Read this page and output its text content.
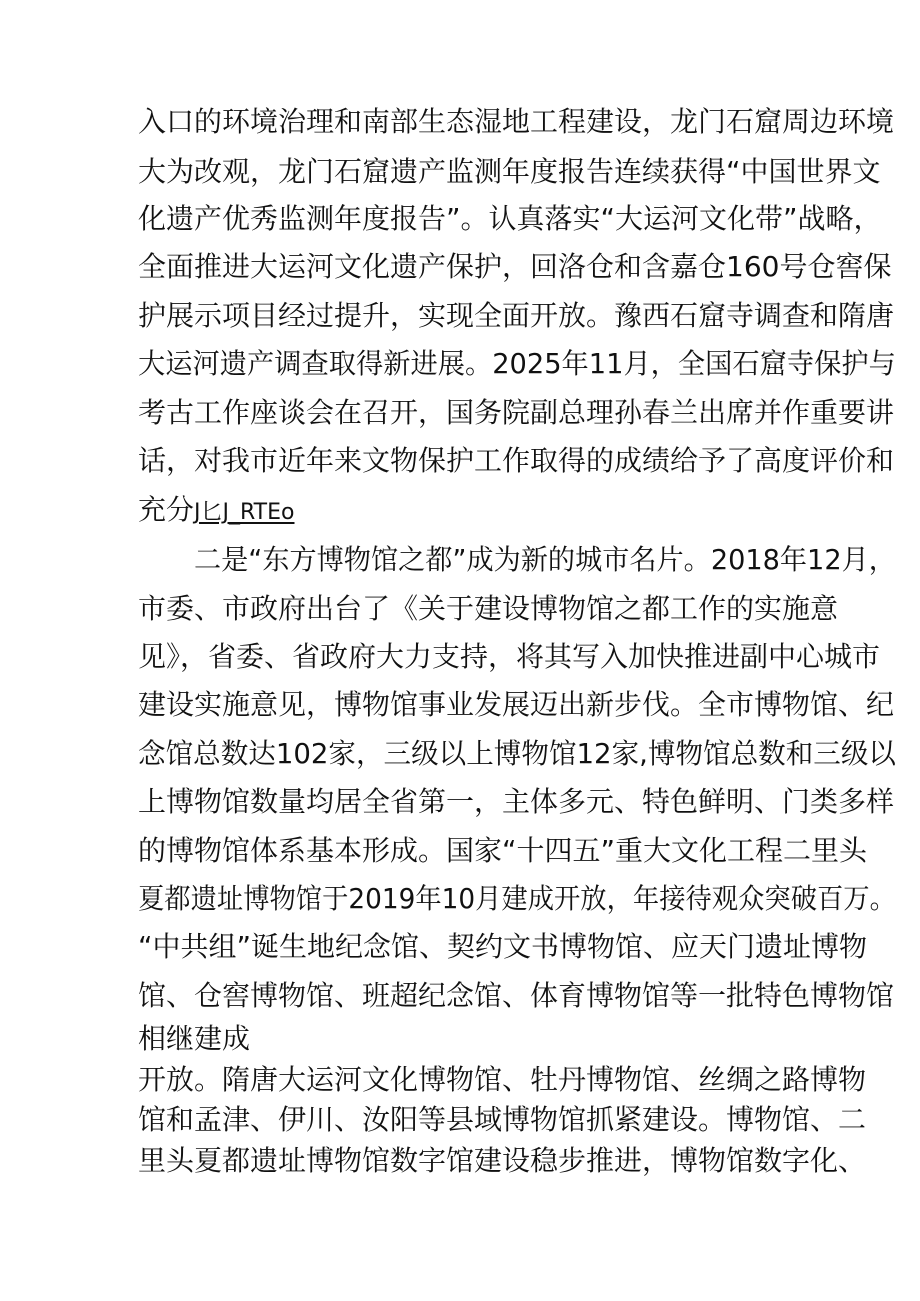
入口的环境治理和南部生态湿地工程建设，龙门石窟周边环境
大为改观，龙门石窟遗产监测年度报告连续获得“中国世界文
化遗产优秀监测年度报告”。认真落实“大运河文化带”战略，
全面推进大运河文化遗产保护，回洛仓和含嘉仓160号仓窖保
护展示项目经过提升，实现全面开放。豫西石窟寺调查和隋唐
大运河遗产调查取得新进展。2025年11月，全国石窟寺保护与
考古工作座谈会在召开，国务院副总理孙春兰出席并作重要讲
话，对我市近年来文物保护工作取得的成绩给予了高度评价和
充分J匕J_RTEo
二是“东方博物馆之都”成为新的城市名片。2018年12月，
市委、市政府出台了《关于建设博物馆之都工作的实施意
见》，省委、省政府大力支持，将其写入加快推进副中心城市
建设实施意见，博物馆事业发展迈出新步伐。全市博物馆、纪
念馆总数达102家，三级以上博物馆12家,博物馆总数和三级以
上博物馆数量均居全省第一，主体多元、特色鲜明、门类多样
的博物馆体系基本形成。国家“十四五”重大文化工程二里头
夏都遗址博物馆于2019年10月建成开放，年接待观众突破百万。
“中共组”诞生地纪念馆、契约文书博物馆、应天门遗址博物
馆、仓窖博物馆、班超纪念馆、体育博物馆等一批特色博物馆
相继建成
开放。隋唐大运河文化博物馆、牡丹博物馆、丝绸之路博物
馆和孟津、伊川、汝阳等县域博物馆抓紧建设。博物馆、二
里头夏都遗址博物馆数字馆建设稳步推进，博物馆数字化、
